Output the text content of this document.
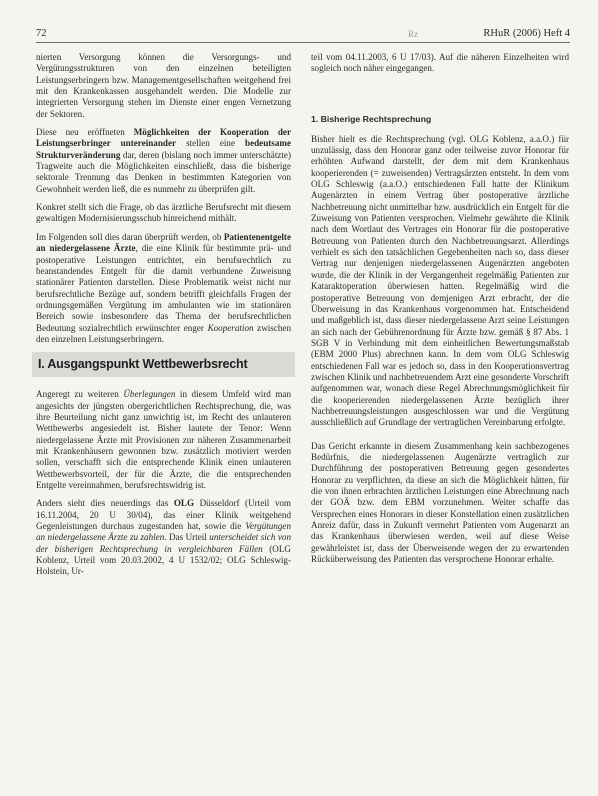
72	Rz	RHuR (2006) Heft 4

nierten Versorgung können die Versorgungs- und Vergütungsstrukturen von den einzelnen beteiligten Leistungserbringern bzw. Managementgesellschaften weitgehend frei mit den Krankenkassen ausgehandelt werden. Die Modelle zur integrierten Versorgung stehen im Dienste einer engen Vernetzung der Sektoren.

Diese neu eröffneten Möglichkeiten der Kooperation der Leistungserbringer untereinander stellen eine bedeutsame Strukturveränderung dar, deren (bislang noch immer unterschätzte) Tragweite auch die Möglichkeiten einschließt, dass die bisherige sektorale Trennung das Denken in bestimmten Kategorien von Gewohnheit werden ließ, die es nunmehr zu überprüfen gilt.

Konkret stellt sich die Frage, ob das ärztliche Berufsrecht mit diesem gewaltigen Modernisierungsschub hinreichend mithält.

Im Folgenden soll dies daran überprüft werden, ob Patientenentgelte an niedergelassene Ärzte, die eine Klinik für bestimmte prä- und postoperative Leistungen entrichtet, ein berufsrechtlich zu beanstandendes Entgelt für die damit verbundene Zuweisung stationärer Patienten darstellen. Diese Problematik weist nicht nur berufsrechtliche Bezüge auf, sondern betrifft gleichfalls Fragen der ordnungsgemäßen Vergütung im ambulanten wie im stationären Bereich sowie insbesondere das Thema der berufsrechtlichen Bedeutung sozialrechtlich erwünschter enger Kooperation zwischen den einzelnen Leistungserbringern.

I. Ausgangspunkt Wettbewerbsrecht

Angeregt zu weiteren Überlegungen in diesem Umfeld wird man angesichts der jüngsten obergerichtlichen Rechtsprechung, die, was ihre Beurteilung nicht ganz unwichtig ist, im Recht des unlauteren Wettbewerbs angesiedelt ist. Bisher lautete der Tenor: Wenn niedergelassene Ärzte mit Provisionen zur näheren Zusammenarbeit mit Krankenhäusern gewonnen bzw. zusätzlich motiviert werden sollen, verschafft sich die entsprechende Klinik einen unlauteren Wettbewerbsvorteil, der für die Ärzte, die die entsprechenden Entgelte vereinnahmen, berufsrechtswidrig ist.

Anders sieht dies neuerdings das OLG Düsseldorf (Urteil vom 16.11.2004, 20 U 30/04), das einer Klinik weitgehend Gegenleistungen durchaus zugestanden hat, sowie die Vergütungen an niedergelassene Ärzte zu zahlen. Das Urteil unterscheidet sich von der bisherigen Rechtsprechung in vergleichbaren Fällen (OLG Koblenz, Urteil vom 20.03.2002, 4 U 1532/02; OLG Schleswig-Holstein, Ur-

teil vom 04.11.2003, 6 U 17/03). Auf die näheren Einzelheiten wird sogleich noch näher eingegangen.

1. Bisherige Rechtsprechung

Bisher hielt es die Rechtsprechung (vgl. OLG Koblenz, a.a.O.) für unzulässig, dass den Honorar ganz oder teilweise zuvor Honorar für erhöhten Aufwand darstellt, der dem mit dem Krankenhaus kooperierenden (= zuweisenden) Vertragsärzten entsteht. In dem vom OLG Schleswig (a.a.O.) entschiedenen Fall hatte der Klinikum Augenärzten in einem Vertrag über postoperative ärztliche Nachbetreuung nicht unmittelbar bzw. ausdrücklich ein Entgelt für die Zuweisung von Patienten versprochen. Vielmehr gewährte die Klinik nach dem Wortlaut des Vertrages ein Honorar für die postoperative Betreuung von Patienten durch den Nachbetreuungsarzt. Allerdings verhielt es sich den tatsächlichen Gegebenheiten nach so, dass dieser Vertrag nur denjenigen niedergelassenen Augenärzten angeboten wurde, die der Klinik in der Vergangenheit regelmäßig Patienten zur Kataraktoperation überwiesen hatten. Regelmäßig wird die postoperative Betreuung von demjenigen Arzt erbracht, der die Überweisung in das Krankenhaus vorgenommen hat. Entscheidend und maßgeblich ist, dass dieser niedergelassene Arzt seine Leistungen an sich nach der Gebührenordnung für Ärzte bzw. gemäß § 87 Abs. 1 SGB V in Verbindung mit dem einheitlichen Bewertungsmaßstab (EBM 2000 Plus) abrechnen kann. In dem vom OLG Schleswig entschiedenen Fall war es jedoch so, dass in den Kooperationsvertrag zwischen Klinik und nachbetreuendem Arzt eine gesonderte Vorschrift aufgenommen war, wonach diese Regel Abrechnungsmöglichkeit für die kooperierenden niedergelassenen Ärzte bezüglich ihrer Nachbetreuungsleistungen ausgeschlossen war und die Vergütung ausschließlich auf Grundlage der vertraglichen Vereinbarung erfolgte.

Das Gericht erkannte in diesem Zusammenhang kein sachbezogenes Bedürfnis, die niedergelassenen Augenärzte vertraglich zur Durchführung der postoperativen Betreuung gegen gesondertes Honorar zu verpflichten, da diese an sich die Möglichkeit hätten, für die von ihnen erbrachten ärztlichen Leistungen eine Abrechnung nach der GOÄ bzw. dem EBM vorzunehmen. Weiter schaffe das Versprechen eines Honorars in dieser Konstellation einen zusätzlichen Anreiz dafür, dass in Zukunft vermehrt Patienten vom Augenarzt an das Krankenhaus überwiesen werden, weil auf diese Weise gewährleistet ist, dass der Überweisende wegen der zu erwartenden Rücküberweisung des Patienten das versprochene Honorar erhalte.
